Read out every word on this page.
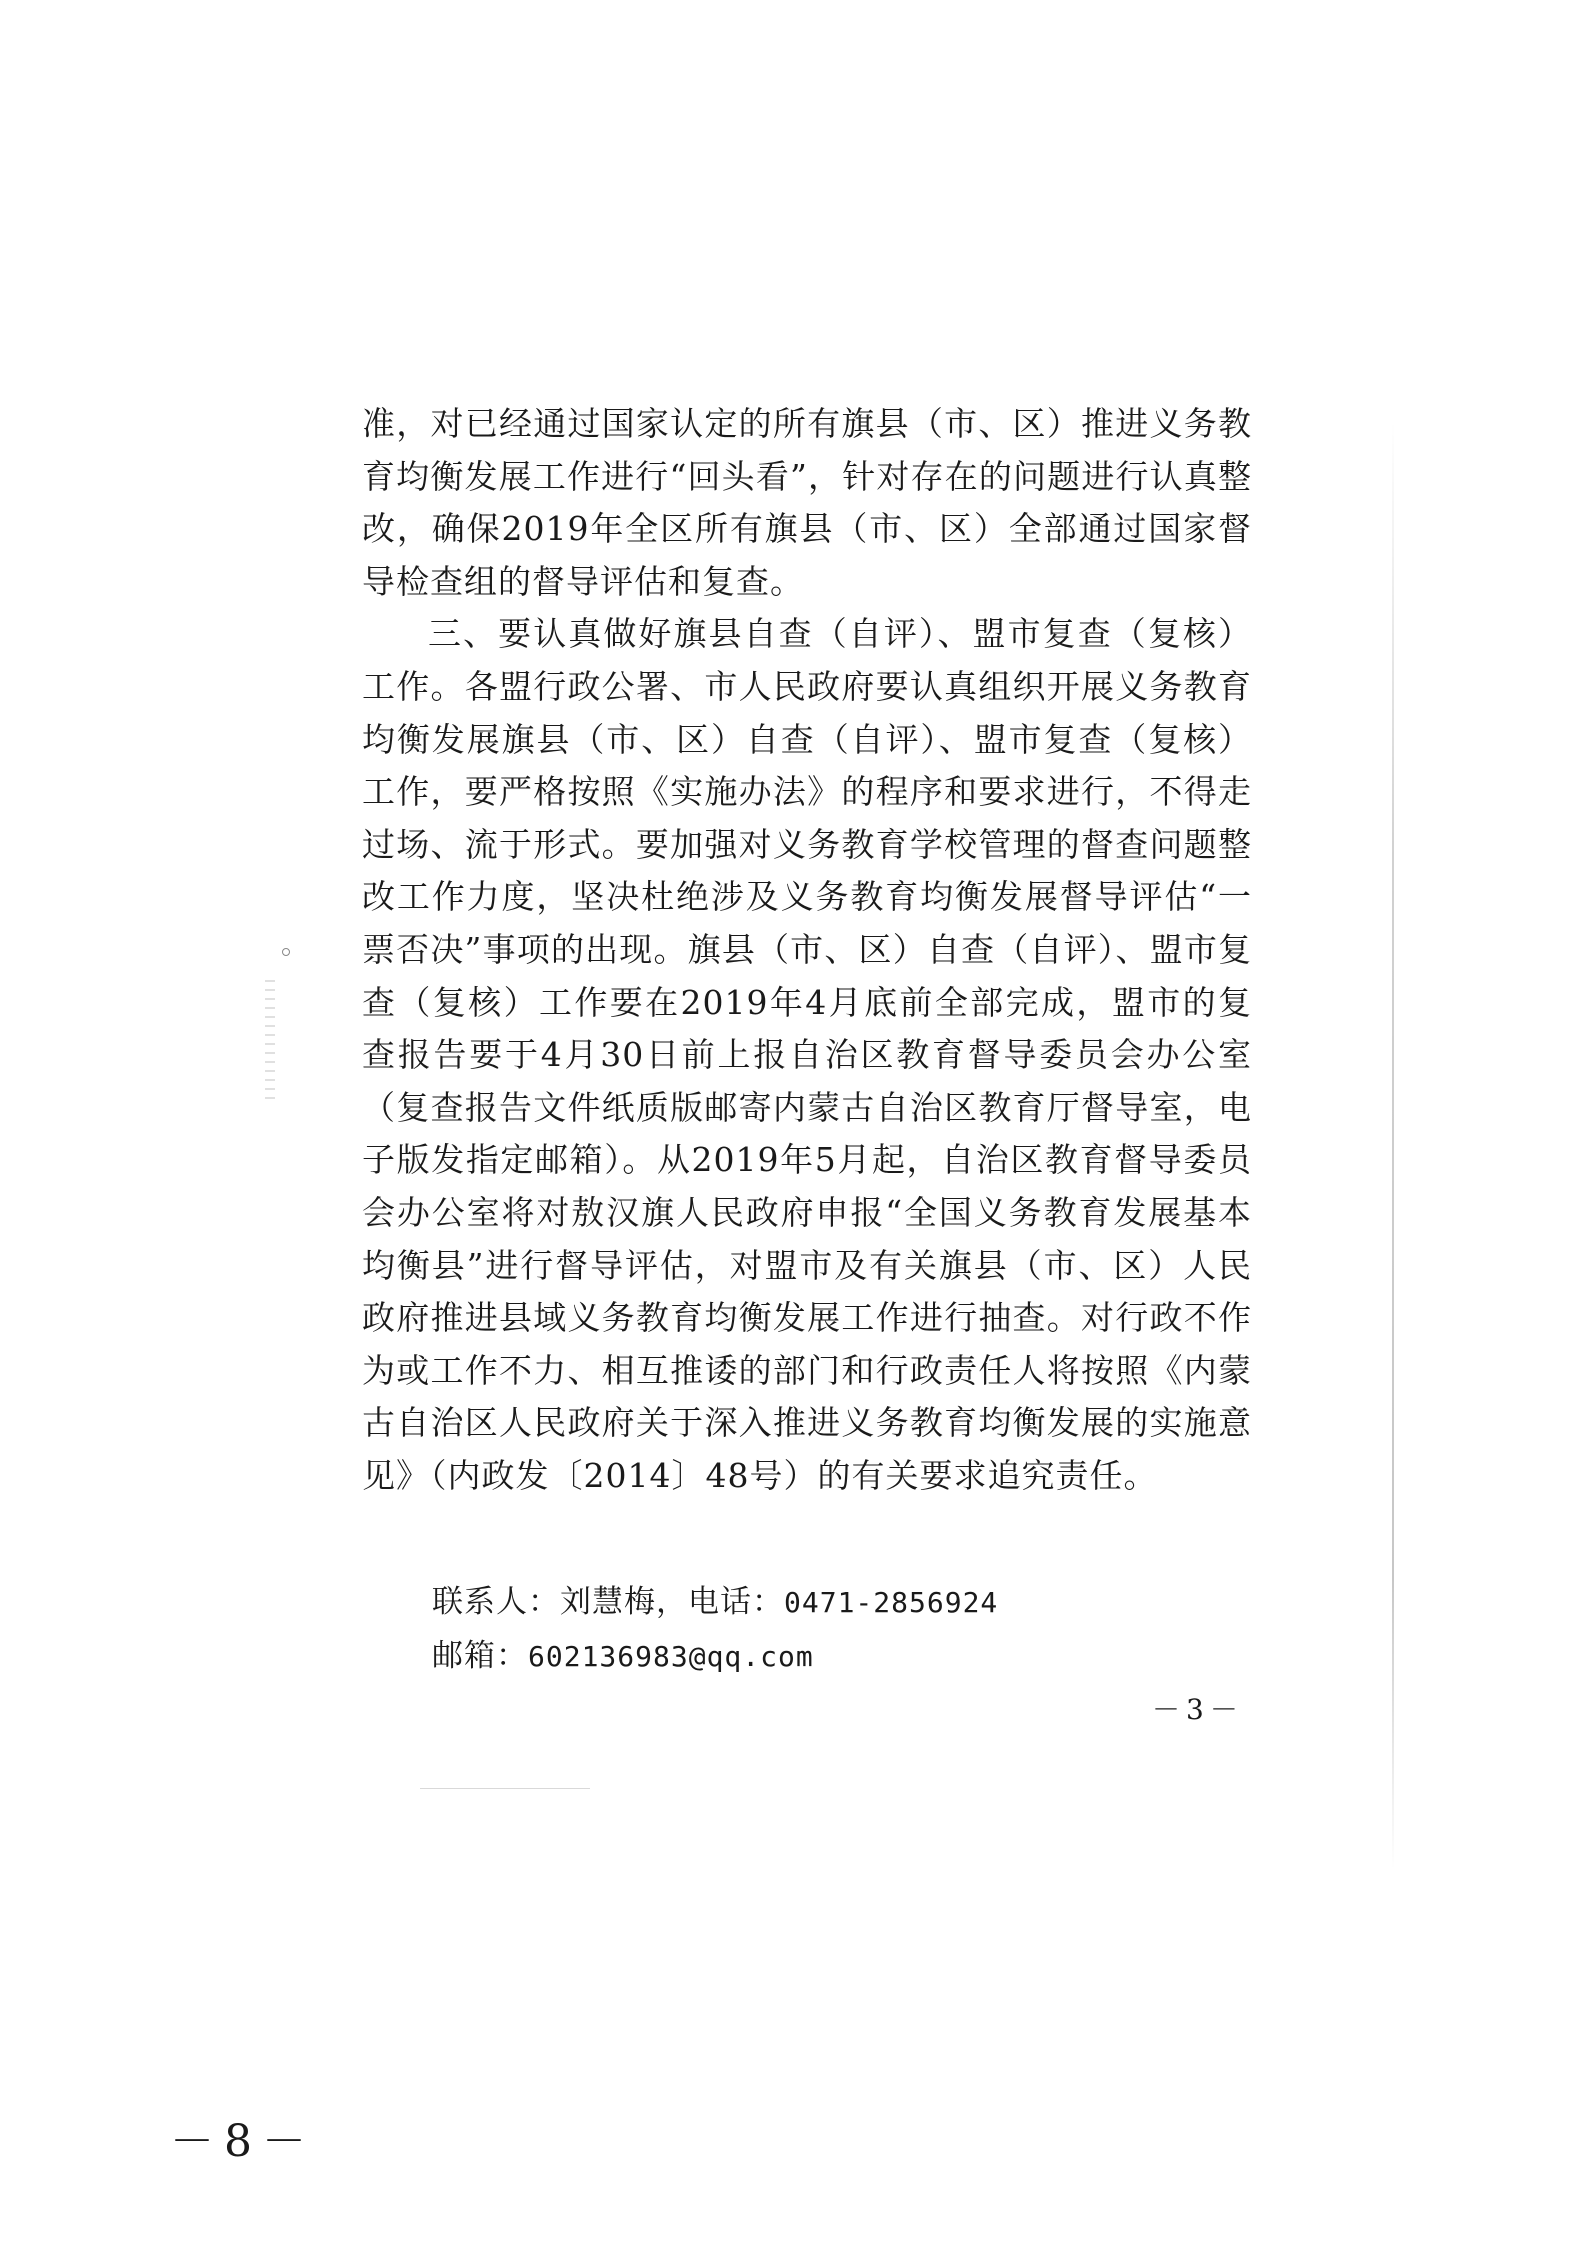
准，对已经通过国家认定的所有旗县（市、区）推进义务教育均衡发展工作进行“回头看”，针对存在的问题进行认真整改，确保2019年全区所有旗县（市、区）全部通过国家督导检查组的督导评估和复查。

三、要认真做好旗县自查（自评）、盟市复查（复核）工作。各盟行政公署、市人民政府要认真组织开展义务教育均衡发展旗县（市、区）自查（自评）、盟市复查（复核）工作，要严格按照《实施办法》的程序和要求进行，不得走过场、流于形式。要加强对义务教育学校管理的督查问题整改工作力度，坚决杜绝涉及义务教育均衡发展督导评估“一票否决”事项的出现。旗县（市、区）自查（自评）、盟市复查（复核）工作要在2019年4月底前全部完成，盟市的复查报告要于4月30日前上报自治区教育督导委员会办公室（复查报告文件纸质版邮寄内蒙古自治区教育厅督导室，电子版发指定邮箱）。从2019年5月起，自治区教育督导委员会办公室将对敖汉旗人民政府申报“全国义务教育发展基本均衡县”进行督导评估，对盟市及有关旗县（市、区）人民政府推进县域义务教育均衡发展工作进行抽查。对行政不作为或工作不力、相互推诿的部门和行政责任人将按照《内蒙古自治区人民政府关于深入推进义务教育均衡发展的实施意见》（内政发〔2014〕48号）的有关要求追究责任。

联系人：刘慧梅，电话：0471-2856924
邮箱：602136983@qq.com
－3－
－8－
